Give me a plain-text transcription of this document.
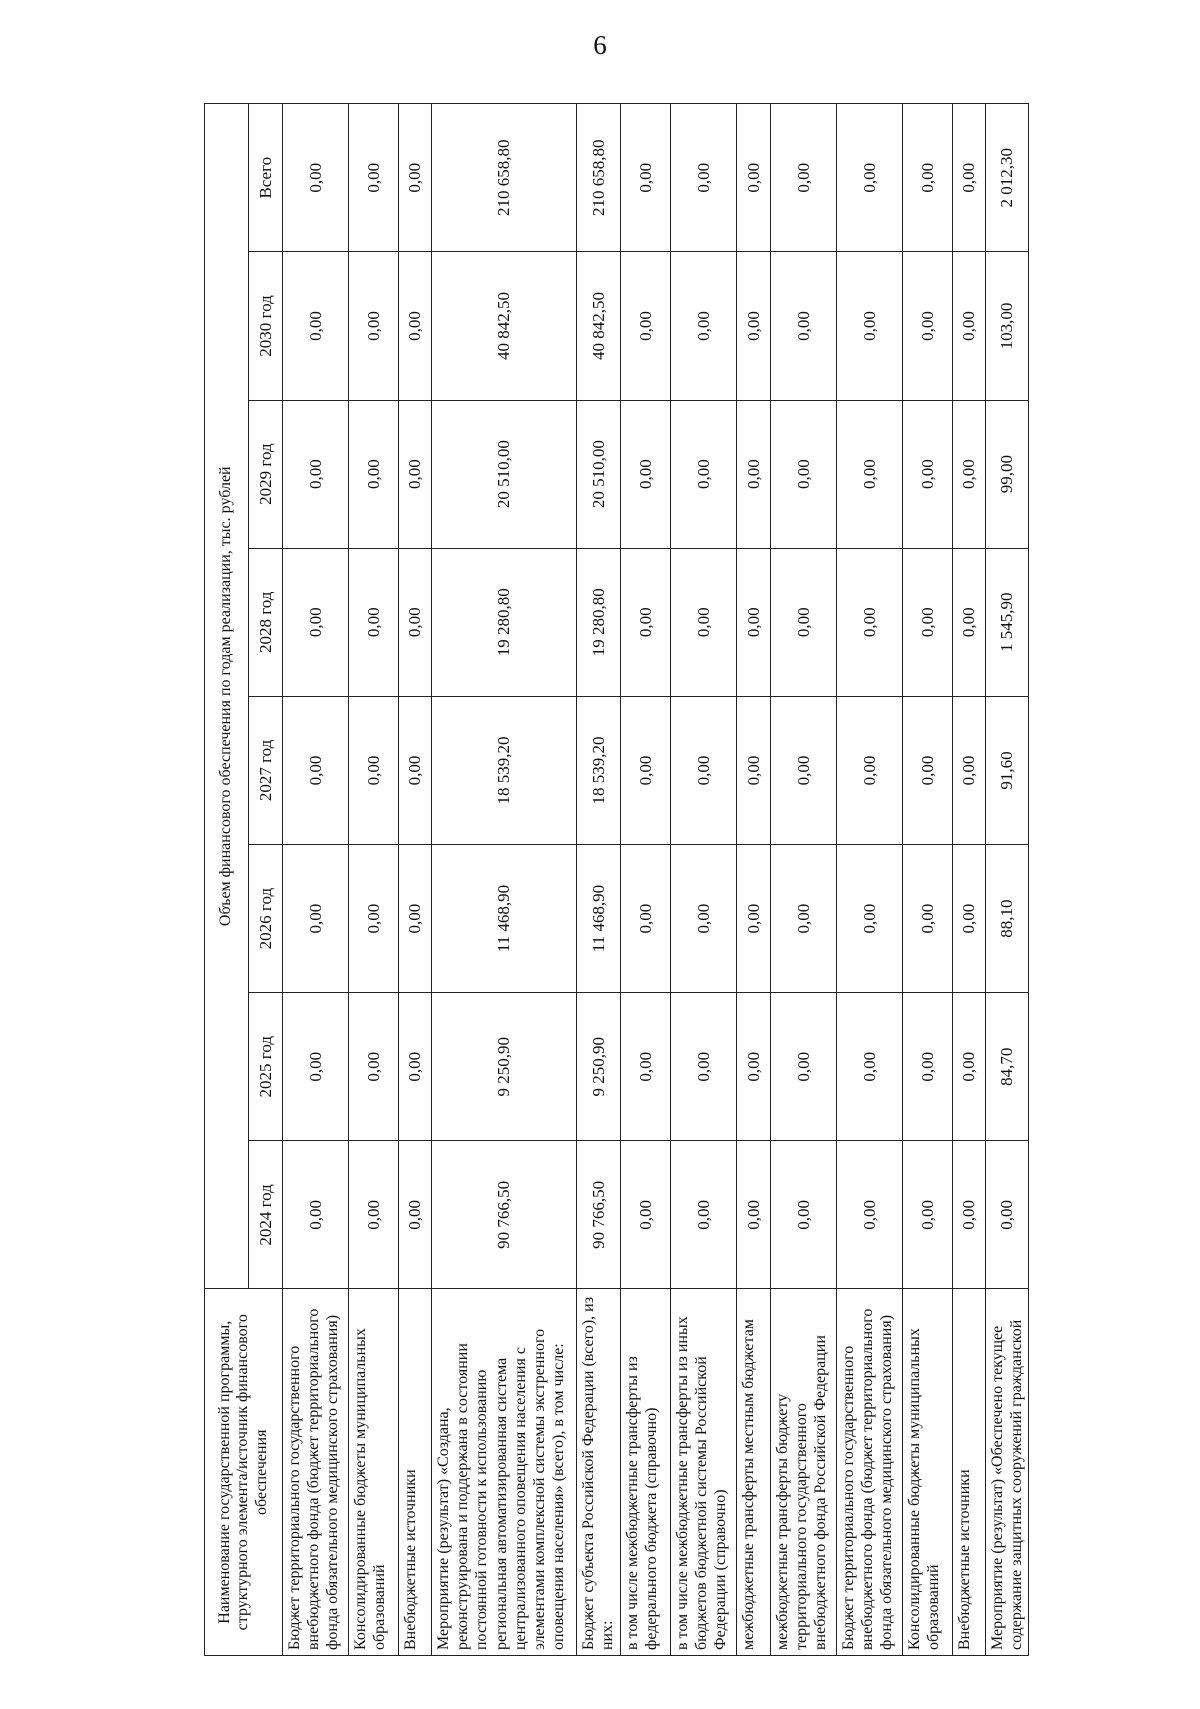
6
Наименование государственной программы, структурного элемента/источник финансового обеспечения	Объем финансового обеспечения по годам реализации, тыс. рублей							
	2024 год	2025 год	2026 год	2027 год	2028 год	2029 год	2030 год	Всего
Бюджет территориального государственного внебюджетного фонда (бюджет территориального фонда обязательного медицинского страхования)	0,00	0,00	0,00	0,00	0,00	0,00	0,00	0,00
Консолидированные бюджеты муниципальных образований	0,00	0,00	0,00	0,00	0,00	0,00	0,00	0,00
Внебюджетные источники	0,00	0,00	0,00	0,00	0,00	0,00	0,00	0,00
Мероприятие (результат) «Создана, реконструирована и поддержана в состоянии постоянной готовности к использованию региональная автоматизированная система централизованного оповещения населения с элементами комплексной системы экстренного оповещения населения» (всего), в том числе:	90 766,50	9 250,90	11 468,90	18 539,20	19 280,80	20 510,00	40 842,50	210 658,80
Бюджет субъекта Российской Федерации (всего), из них:	90 766,50	9 250,90	11 468,90	18 539,20	19 280,80	20 510,00	40 842,50	210 658,80
в том числе межбюджетные трансферты из федерального бюджета (справочно)	0,00	0,00	0,00	0,00	0,00	0,00	0,00	0,00
в том числе межбюджетные трансферты из иных бюджетов бюджетной системы Российской Федерации (справочно)	0,00	0,00	0,00	0,00	0,00	0,00	0,00	0,00
межбюджетные трансферты местным бюджетам	0,00	0,00	0,00	0,00	0,00	0,00	0,00	0,00
межбюджетные трансферты бюджету территориального государственного внебюджетного фонда Российской Федерации	0,00	0,00	0,00	0,00	0,00	0,00	0,00	0,00
Бюджет территориального государственного внебюджетного фонда (бюджет территориального фонда обязательного медицинского страхования)	0,00	0,00	0,00	0,00	0,00	0,00	0,00	0,00
Консолидированные бюджеты муниципальных образований	0,00	0,00	0,00	0,00	0,00	0,00	0,00	0,00
Внебюджетные источники	0,00	0,00	0,00	0,00	0,00	0,00	0,00	0,00
Мероприятие (результат) «Обеспечено текущее содержание защитных сооружений гражданской	0,00	84,70	88,10	91,60	1 545,90	99,00	103,00	2 012,30
